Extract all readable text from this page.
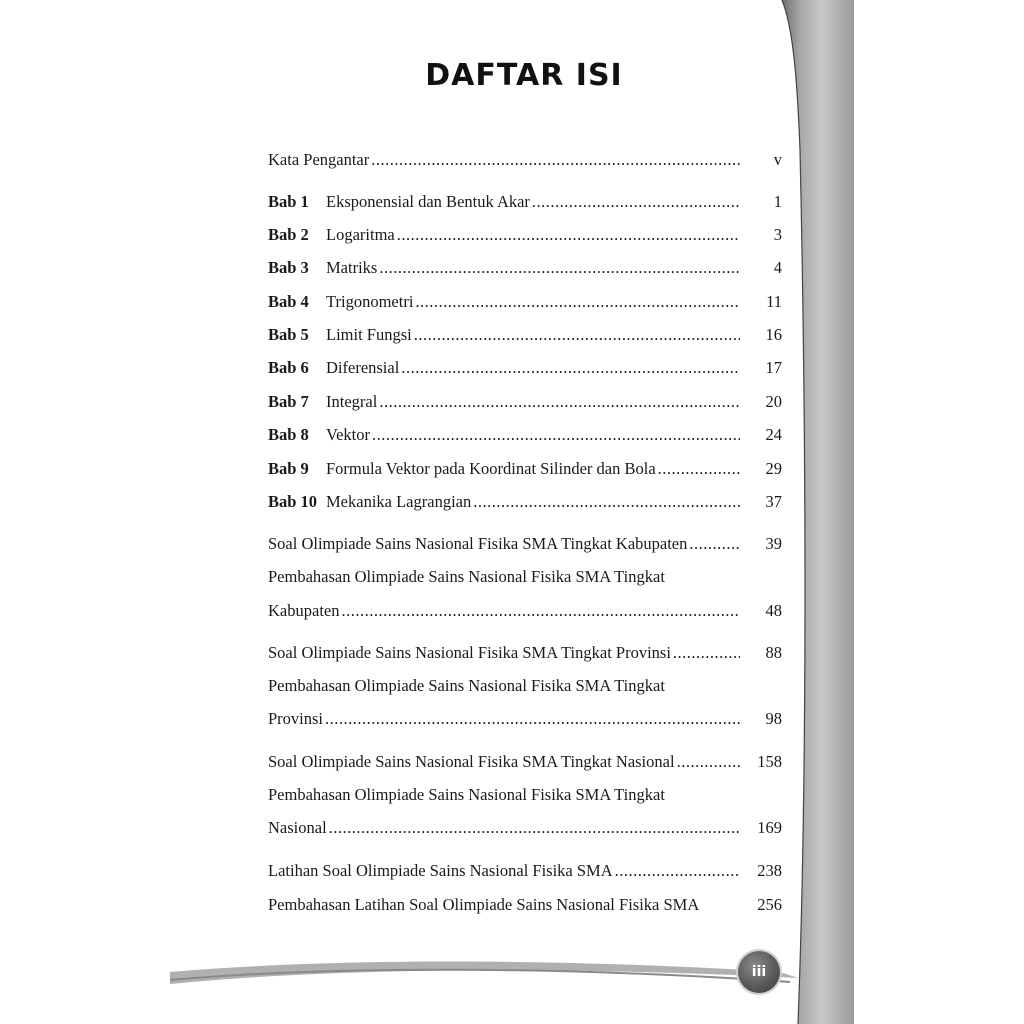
DAFTAR ISI
Kata Pengantar .....	v
Bab 1	Eksponensial dan Bentuk Akar .....	1
Bab 2	Logaritma .....	3
Bab 3	Matriks .....	4
Bab 4	Trigonometri .....	11
Bab 5	Limit Fungsi .....	16
Bab 6	Diferensial .....	17
Bab 7	Integral .....	20
Bab 8	Vektor .....	24
Bab 9	Formula Vektor pada Koordinat Silinder dan Bola .....	29
Bab 10 Mekanika Lagrangian .....	37
Soal Olimpiade Sains Nasional Fisika SMA Tingkat Kabupaten .....	39
Pembahasan Olimpiade Sains Nasional Fisika SMA Tingkat
Kabupaten .....	48
Soal Olimpiade Sains Nasional Fisika SMA Tingkat Provinsi .....	88
Pembahasan Olimpiade Sains Nasional Fisika SMA Tingkat
Provinsi .....	98
Soal Olimpiade Sains Nasional Fisika SMA Tingkat Nasional .....	158
Pembahasan Olimpiade Sains Nasional Fisika SMA Tingkat
Nasional .....	169
Latihan Soal Olimpiade Sains Nasional Fisika SMA .....	238
Pembahasan Latihan Soal Olimpiade Sains Nasional Fisika SMA	256
iii
